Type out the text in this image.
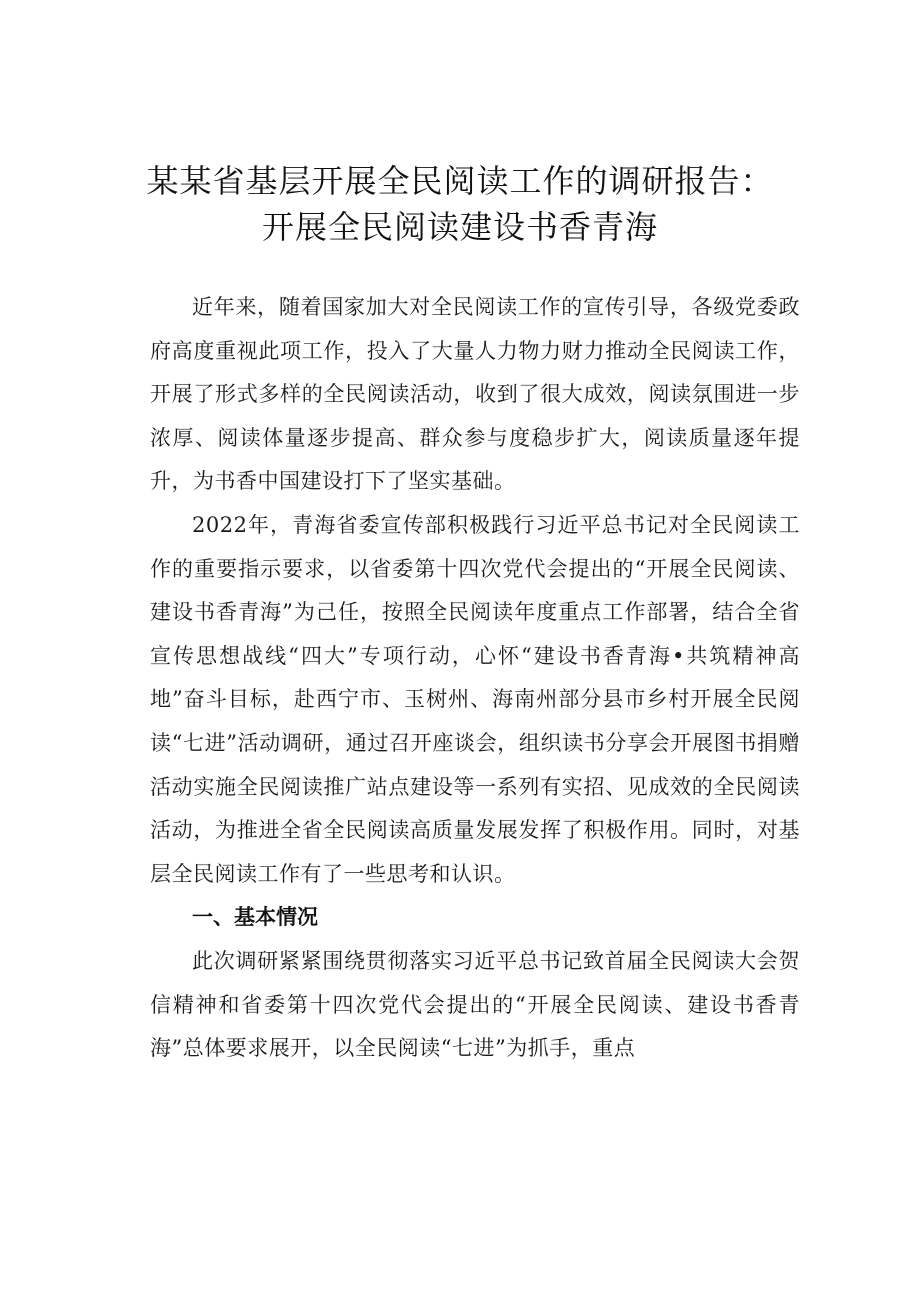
某某省基层开展全民阅读工作的调研报告：
开展全民阅读建设书香青海

近年来，随着国家加大对全民阅读工作的宣传引导，各级党委政府高度重视此项工作，投入了大量人力物力财力推动全民阅读工作，开展了形式多样的全民阅读活动，收到了很大成效，阅读氛围进一步浓厚、阅读体量逐步提高、群众参与度稳步扩大，阅读质量逐年提升，为书香中国建设打下了坚实基础。

2022年，青海省委宣传部积极践行习近平总书记对全民阅读工作的重要指示要求，以省委第十四次党代会提出的“开展全民阅读、建设书香青海”为己任，按照全民阅读年度重点工作部署，结合全省宣传思想战线“四大”专项行动，心怀“建设书香青海•共筑精神高地”奋斗目标，赴西宁市、玉树州、海南州部分县市乡村开展全民阅读“七进”活动调研，通过召开座谈会，组织读书分享会开展图书捐赠活动实施全民阅读推广站点建设等一系列有实招、见成效的全民阅读活动，为推进全省全民阅读高质量发展发挥了积极作用。同时，对基层全民阅读工作有了一些思考和认识。

一、基本情况

此次调研紧紧围绕贯彻落实习近平总书记致首届全民阅读大会贺信精神和省委第十四次党代会提出的“开展全民阅读、建设书香青海”总体要求展开，以全民阅读“七进”为抓手，重点
